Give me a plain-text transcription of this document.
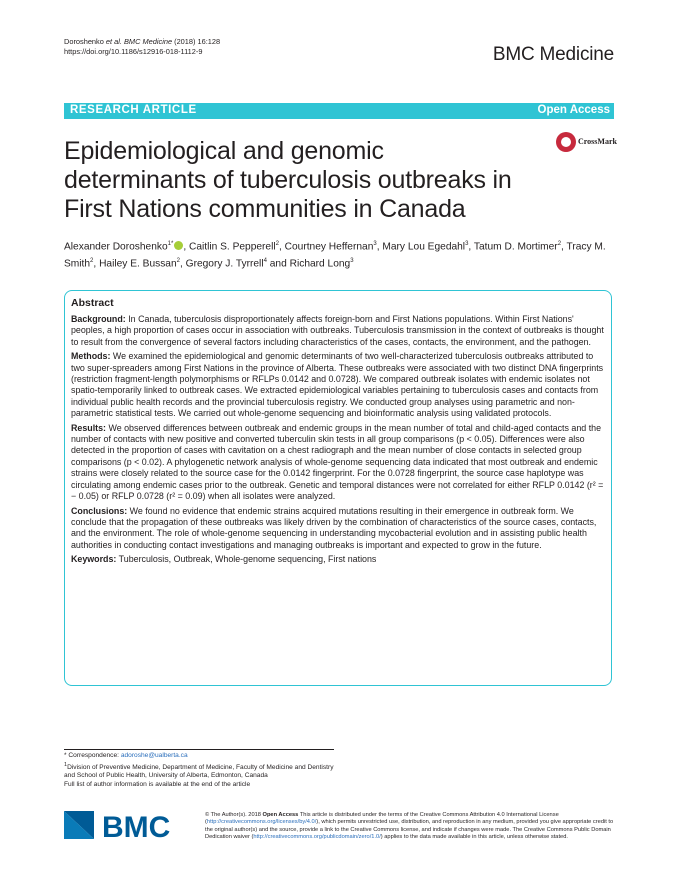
Doroshenko et al. BMC Medicine (2018) 16:128
https://doi.org/10.1186/s12916-018-1112-9	BMC Medicine
RESEARCH ARTICLE	Open Access
Epidemiological and genomic determinants of tuberculosis outbreaks in First Nations communities in Canada
CrossMark
Alexander Doroshenko$^{1*}$ , Caitlin S. Pepperell$^2$, Courtney Heffernan$^3$, Mary Lou Egedahl$^3$, Tatum D. Mortimer$^2$, Tracy M. Smith$^2$, Hailey E. Bussan$^2$, Gregory J. Tyrrell$^4$ and Richard Long$^3$
Abstract

Background: In Canada, tuberculosis disproportionately affects foreign-born and First Nations populations. Within First Nations' peoples, a high proportion of cases occur in association with outbreaks. Tuberculosis transmission in the context of outbreaks is thought to result from the convergence of several factors including characteristics of the cases, contacts, the environment, and the pathogen.

Methods: We examined the epidemiological and genomic determinants of two well-characterized tuberculosis outbreaks attributed to two super-spreaders among First Nations in the province of Alberta. These outbreaks were associated with two distinct DNA fingerprints (restriction fragment-length polymorphisms or RFLPs 0.0142 and 0.0728). We compared outbreak isolates with endemic isolates not spatio-temporarily linked to outbreak cases. We extracted epidemiological variables pertaining to tuberculosis cases and contacts from individual public health records and the provincial tuberculosis registry. We conducted group analyses using parametric and non-parametric statistical tests. We carried out whole-genome sequencing and bioinformatic analysis using validated protocols.

Results: We observed differences between outbreak and endemic groups in the mean number of total and child-aged contacts and the number of contacts with new positive and converted tuberculin skin tests in all group comparisons (p < 0.05). Differences were also detected in the proportion of cases with cavitation on a chest radiograph and the mean number of close contacts in selected group comparisons (p < 0.02). A phylogenetic network analysis of whole-genome sequencing data indicated that most outbreak and endemic strains were closely related to the source case for the 0.0142 fingerprint. For the 0.0728 fingerprint, the source case haplotype was circulating among endemic cases prior to the outbreak. Genetic and temporal distances were not correlated for either RFLP 0.0142 (r² = − 0.05) or RFLP 0.0728 (r² = 0.09) when all isolates were analyzed.

Conclusions: We found no evidence that endemic strains acquired mutations resulting in their emergence in outbreak form. We conclude that the propagation of these outbreaks was likely driven by the combination of characteristics of the source cases, contacts, and the environment. The role of whole-genome sequencing in understanding mycobacterial evolution and in assisting public health authorities in conducting contact investigations and managing outbreaks is important and expected to grow in the future.

Keywords: Tuberculosis, Outbreak, Whole-genome sequencing, First nations

* Correspondence: adoroshe@ualberta.ca
$^1$Division of Preventive Medicine, Department of Medicine, Faculty of Medicine and Dentistry and School of Public Health, University of Alberta, Edmonton, Canada
Full list of author information is available at the end of the article
BMC	© The Author(s). 2018 Open Access This article is distributed under the terms of the Creative Commons Attribution 4.0 International License (http://creativecommons.org/licenses/by/4.0/), which permits unrestricted use, distribution, and reproduction in any medium, provided you give appropriate credit to the original author(s) and the source, provide a link to the Creative Commons license, and indicate if changes were made. The Creative Commons Public Domain Dedication waiver (http://creativecommons.org/publicdomain/zero/1.0/) applies to the data made available in this article, unless otherwise stated.
